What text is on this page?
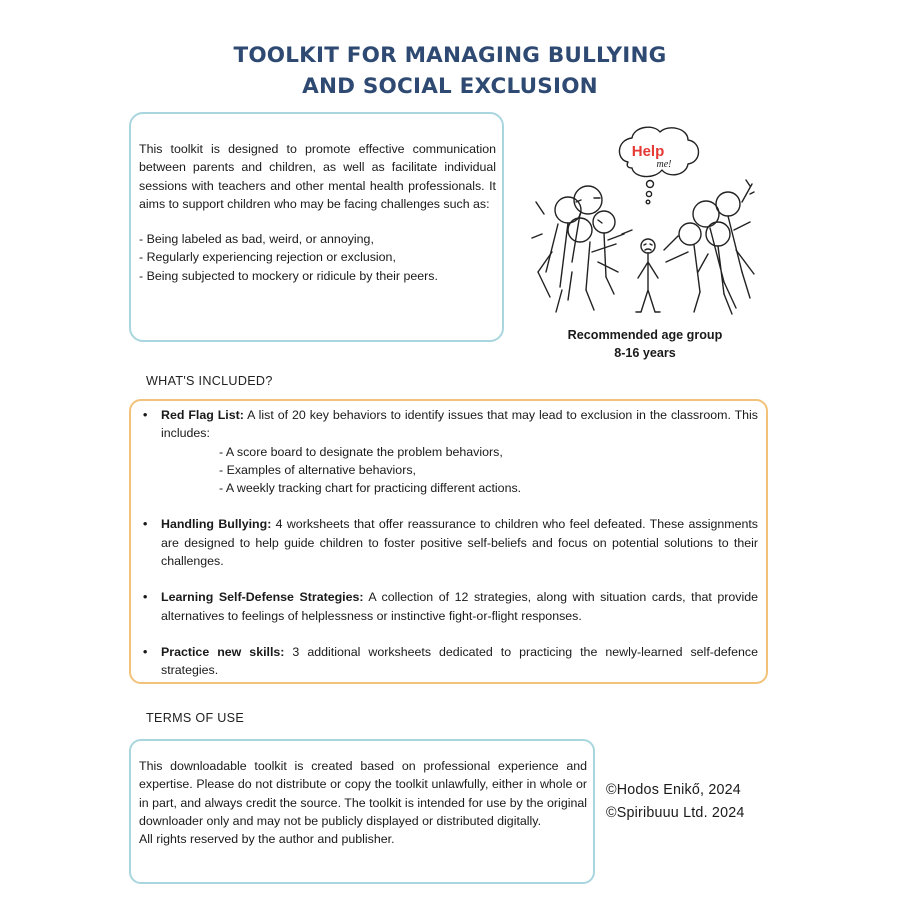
TOOLKIT FOR MANAGING BULLYING
AND SOCIAL EXCLUSION

This toolkit is designed to promote effective communication between parents and children, as well as facilitate individual sessions with teachers and other mental health professionals. It aims to support children who may be facing challenges such as:

- Being labeled as bad, weird, or annoying,
- Regularly experiencing rejection or exclusion,
- Being subjected to mockery or ridicule by their peers.
Help
me!
Recommended age group
8-16 years
WHAT'S INCLUDED?
• Red Flag List: A list of 20 key behaviors to identify issues that may lead to exclusion in the classroom. This includes:
- A score board to designate the problem behaviors,
- Examples of alternative behaviors,
- A weekly tracking chart for practicing different actions.
• Handling Bullying: 4 worksheets that offer reassurance to children who feel defeated. These assignments are designed to help guide children to foster positive self-beliefs and focus on potential solutions to their challenges.
• Learning Self-Defense Strategies: A collection of 12 strategies, along with situation cards, that provide alternatives to feelings of helplessness or instinctive fight-or-flight responses.
• Practice new skills: 3 additional worksheets dedicated to practicing the newly-learned self-defence strategies.
TERMS OF USE

This downloadable toolkit is created based on professional experience and expertise. Please do not distribute or copy the toolkit unlawfully, either in whole or in part, and always credit the source. The toolkit is intended for use by the original downloader only and may not be publicly displayed or distributed digitally.

All rights reserved by the author and publisher.
©Hodos Enikő, 2024
©Spiribuuu Ltd. 2024
